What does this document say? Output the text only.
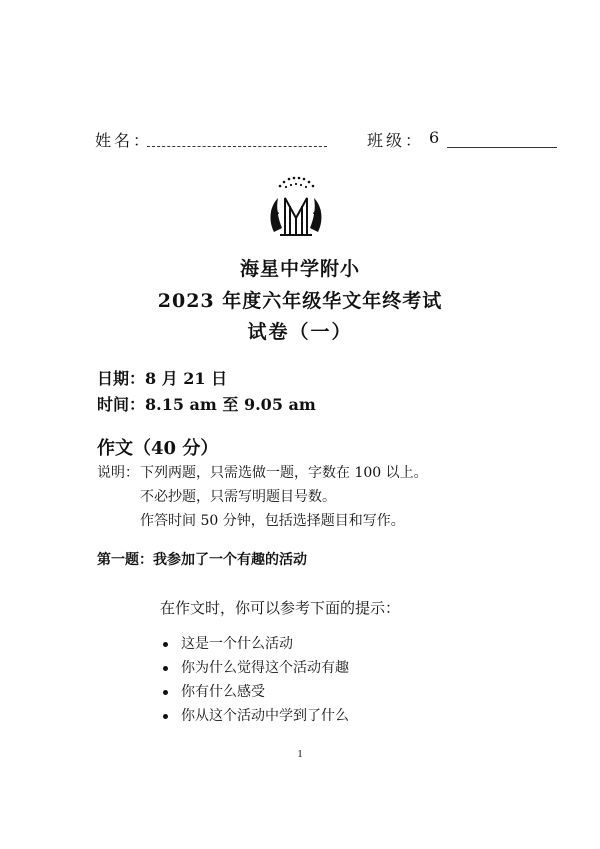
姓名：	班级： 6
海星中学附小
2023 年度六年级华文年终考试
试卷（一）
日期：8 月 21 日
时间：8.15 am 至 9.05 am
作文（40 分）
说明： 下列两题，只需选做一题，字数在 100 以上。
不必抄题，只需写明题目号数。
作答时间 50 分钟，包括选择题目和写作。
第一题：我参加了一个有趣的活动
在作文时，你可以参考下面的提示：
这是一个什么活动
你为什么觉得这个活动有趣
你有什么感受
你从这个活动中学到了什么
1
